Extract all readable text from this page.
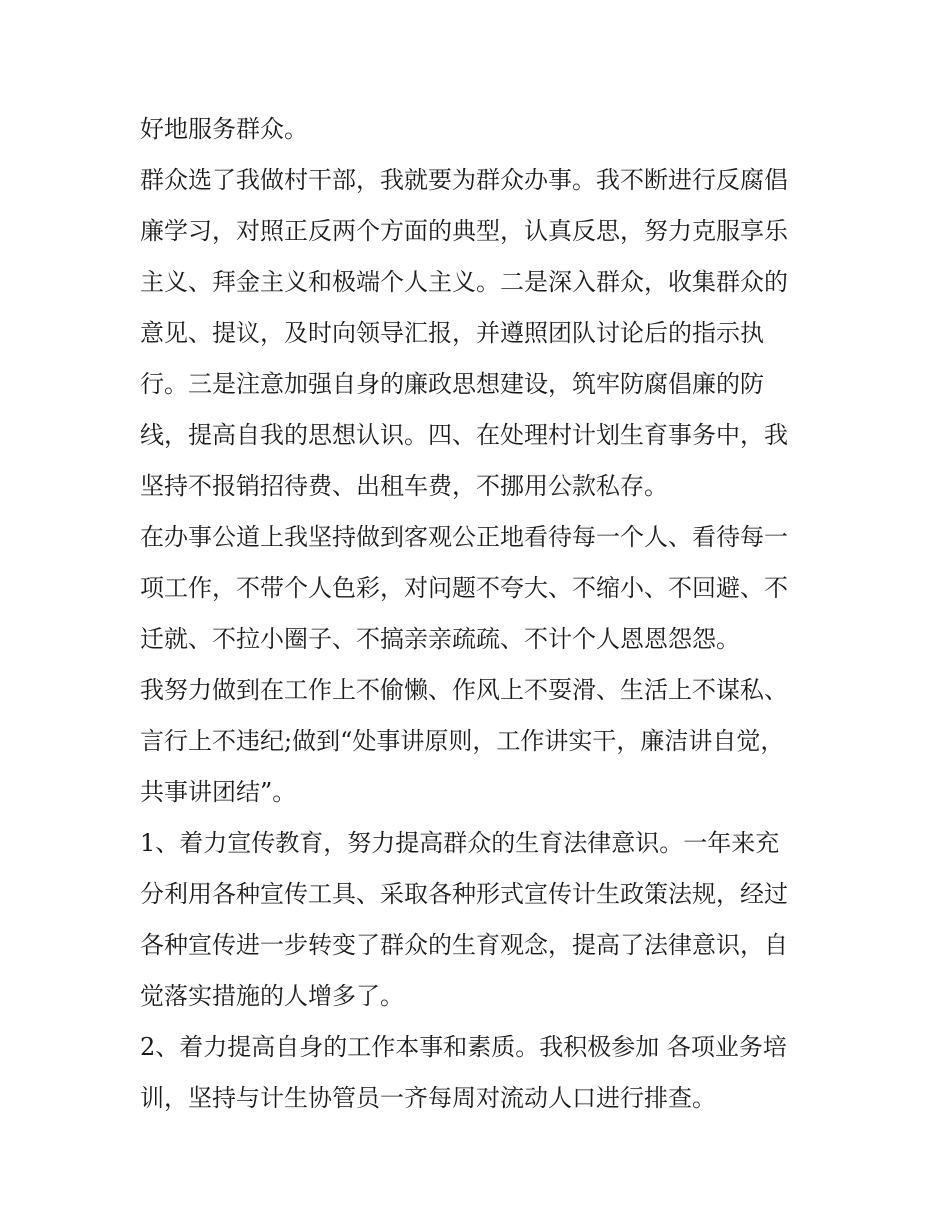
好地服务群众。
群众选了我做村干部，我就要为群众办事。我不断进行反腐倡
廉学习，对照正反两个方面的典型，认真反思，努力克服享乐
主义、拜金主义和极端个人主义。二是深入群众，收集群众的
意见、提议，及时向领导汇报，并遵照团队讨论后的指示执
行。三是注意加强自身的廉政思想建设，筑牢防腐倡廉的防
线，提高自我的思想认识。四、在处理村计划生育事务中，我
坚持不报销招待费、出租车费，不挪用公款私存。
在办事公道上我坚持做到客观公正地看待每一个人、看待每一
项工作，不带个人色彩，对问题不夸大、不缩小、不回避、不
迁就、不拉小圈子、不搞亲亲疏疏、不计个人恩恩怨怨。
我努力做到在工作上不偷懒、作风上不耍滑、生活上不谋私、
言行上不违纪;做到“处事讲原则，工作讲实干，廉洁讲自觉，
共事讲团结”。
1、着力宣传教育，努力提高群众的生育法律意识。一年来充
分利用各种宣传工具、采取各种形式宣传计生政策法规，经过
各种宣传进一步转变了群众的生育观念，提高了法律意识，自
觉落实措施的人增多了。
2、着力提高自身的工作本事和素质。我积极参加 各项业务培
训，坚持与计生协管员一齐每周对流动人口进行排查。
